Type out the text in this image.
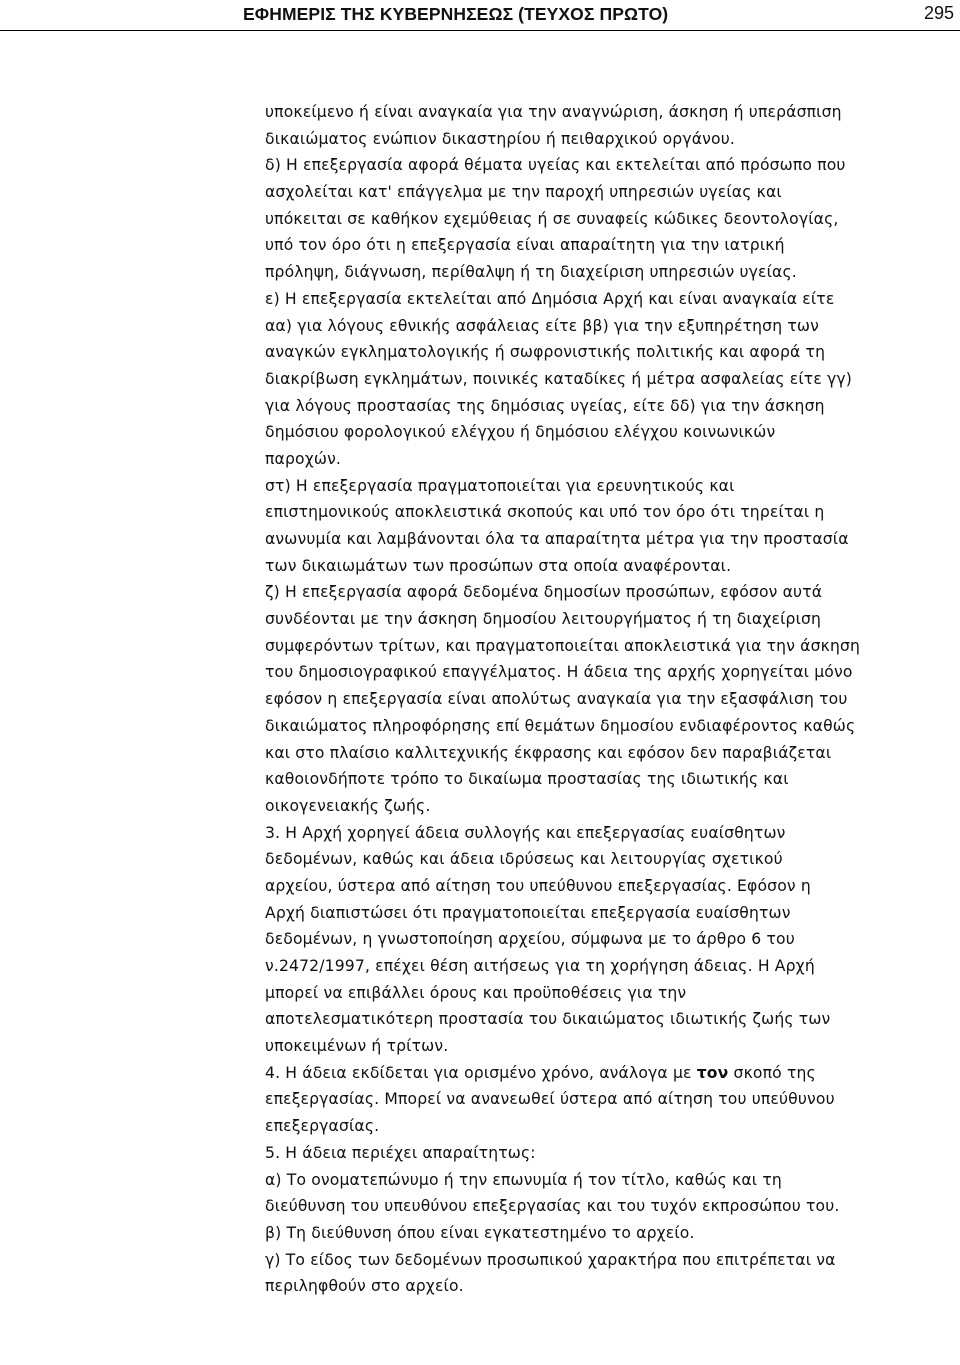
ΕΦΗΜΕΡΙΣ ΤΗΣ ΚΥΒΕΡΝΗΣΕΩΣ (ΤΕΥΧΟΣ ΠΡΩΤΟ)	295
υποκείμενο ή είναι αναγκαία για την αναγνώριση, άσκηση ή υπεράσπιση
δικαιώματος ενώπιον δικαστηρίου ή πειθαρχικού οργάνου.
δ) Η επεξεργασία αφορά θέματα υγείας και εκτελείται από πρόσωπο που
ασχολείται κατ' επάγγελμα με την παροχή υπηρεσιών υγείας και
υπόκειται σε καθήκον εχεμύθειας ή σε συναφείς κώδικες δεοντολογίας,
υπό τον όρο ότι η επεξεργασία είναι απαραίτητη για την ιατρική
πρόληψη, διάγνωση, περίθαλψη ή τη διαχείριση υπηρεσιών υγείας.
ε) Η επεξεργασία εκτελείται από Δημόσια Αρχή και είναι αναγκαία είτε
αα) για λόγους εθνικής ασφάλειας είτε ββ) για την εξυπηρέτηση των
αναγκών εγκληματολογικής ή σωφρονιστικής πολιτικής και αφορά τη
διακρίβωση εγκλημάτων, ποινικές καταδίκες ή μέτρα ασφαλείας είτε γγ)
για λόγους προστασίας της δημόσιας υγείας, είτε δδ) για την άσκηση
δημόσιου φορολογικού ελέγχου ή δημόσιου ελέγχου κοινωνικών
παροχών.
στ) Η επεξεργασία πραγματοποιείται για ερευνητικούς και
επιστημονικούς αποκλειστικά σκοπούς και υπό τον όρο ότι τηρείται η
ανωνυμία και λαμβάνονται όλα τα απαραίτητα μέτρα για την προστασία
των δικαιωμάτων των προσώπων στα οποία αναφέρονται.
ζ) Η επεξεργασία αφορά δεδομένα δημοσίων προσώπων, εφόσον αυτά
συνδέονται με την άσκηση δημοσίου λειτουργήματος ή τη διαχείριση
συμφερόντων τρίτων, και πραγματοποιείται αποκλειστικά για την άσκηση
του δημοσιογραφικού επαγγέλματος. Η άδεια της αρχής χορηγείται μόνο
εφόσον η επεξεργασία είναι απολύτως αναγκαία για την εξασφάλιση του
δικαιώματος πληροφόρησης επί θεμάτων δημοσίου ενδιαφέροντος καθώς
και στο πλαίσιο καλλιτεχνικής έκφρασης και εφόσον δεν παραβιάζεται
καθοιονδήποτε τρόπο το δικαίωμα προστασίας της ιδιωτικής και
οικογενειακής ζωής.
3. Η Αρχή χορηγεί άδεια συλλογής και επεξεργασίας ευαίσθητων
δεδομένων, καθώς και άδεια ιδρύσεως και λειτουργίας σχετικού
αρχείου, ύστερα από αίτηση του υπεύθυνου επεξεργασίας. Εφόσον η
Αρχή διαπιστώσει ότι πραγματοποιείται επεξεργασία ευαίσθητων
δεδομένων, η γνωστοποίηση αρχείου, σύμφωνα με το άρθρο 6 του
ν.2472/1997, επέχει θέση αιτήσεως για τη χορήγηση άδειας. Η Αρχή
μπορεί να επιβάλλει όρους και προϋποθέσεις για την
αποτελεσματικότερη προστασία του δικαιώματος ιδιωτικής ζωής των
υποκειμένων ή τρίτων.
4. Η άδεια εκδίδεται για ορισμένο χρόνο, ανάλογα με τον σκοπό της
επεξεργασίας. Μπορεί να ανανεωθεί ύστερα από αίτηση του υπεύθυνου
επεξεργασίας.
5. Η άδεια περιέχει απαραίτητως:
α) Το ονοματεπώνυμο ή την επωνυμία ή τον τίτλο, καθώς και τη
διεύθυνση του υπευθύνου επεξεργασίας και του τυχόν εκπροσώπου του.
β) Τη διεύθυνση όπου είναι εγκατεστημένο το αρχείο.
γ) Το είδος των δεδομένων προσωπικού χαρακτήρα που επιτρέπεται να
περιληφθούν στο αρχείο.
